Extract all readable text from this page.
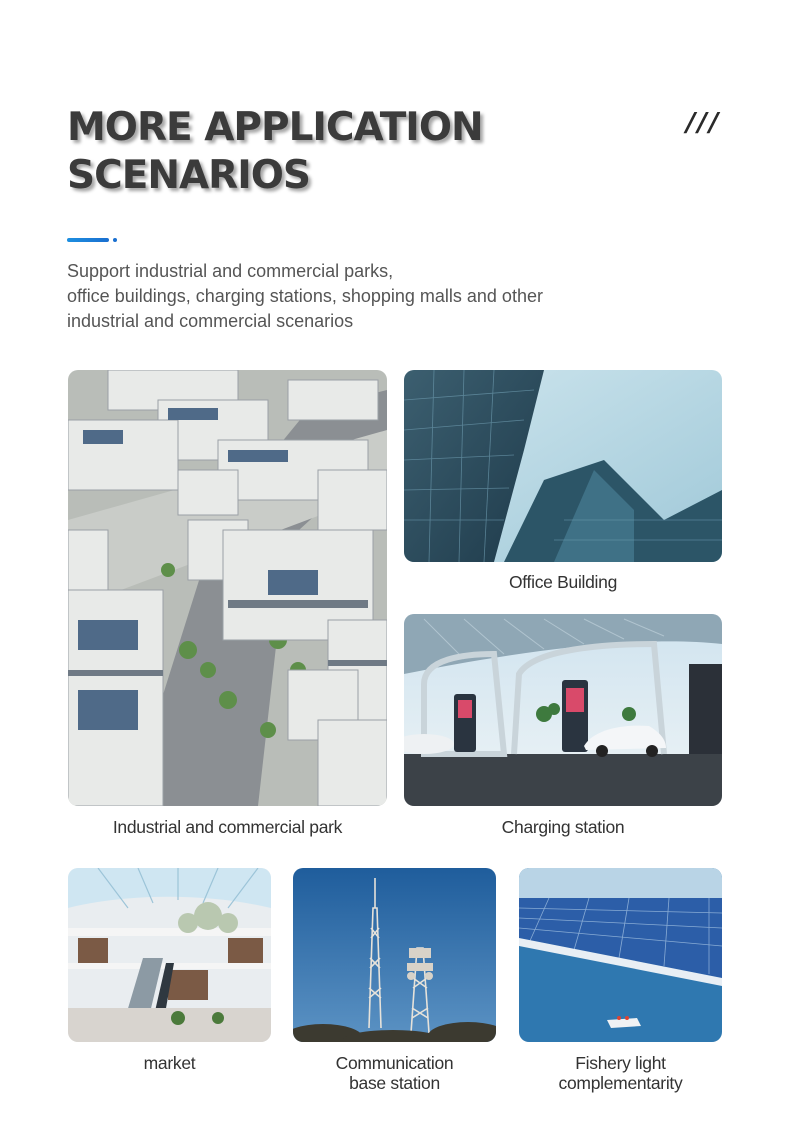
MORE APPLICATION
SCENARIOS
///

Support industrial and commercial parks,
office buildings, charging stations, shopping malls and other
industrial and commercial scenarios

Office Building
Industrial and commercial park	Charging station
market	Communication
base station
Fishery light
complementarity
